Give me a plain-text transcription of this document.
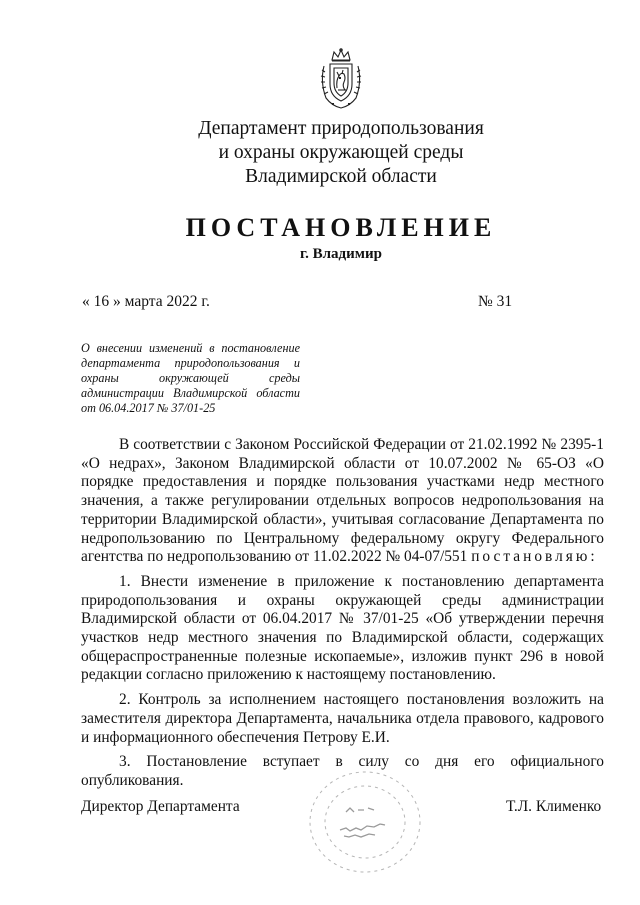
Департамент природопользования
и охраны окружающей среды
Владимирской области
ПОСТАНОВЛЕНИЕ
г. Владимир
« 16 » марта 2022 г.	№ 31
О внесении изменений в постановление департамента природопользования и охраны окружающей среды администрации Владимирской области от 06.04.2017 № 37/01-25

В соответствии с Законом Российской Федерации от 21.02.1992 № 2395-1 «О недрах», Законом Владимирской области от 10.07.2002 № 65-ОЗ «О порядке предоставления и порядке пользования участками недр местного значения, а также регулировании отдельных вопросов недропользования на территории Владимирской области», учитывая согласование Департамента по недропользованию по Центральному федеральному округу Федерального агентства по недропользованию от 11.02.2022 № 04-07/551 постановляю:

1. Внести изменение в приложение к постановлению департамента природопользования и охраны окружающей среды администрации Владимирской области от 06.04.2017 № 37/01-25 «Об утверждении перечня участков недр местного значения по Владимирской области, содержащих общераспространенные полезные ископаемые», изложив пункт 296 в новой редакции согласно приложению к настоящему постановлению.

2. Контроль за исполнением настоящего постановления возложить на заместителя директора Департамента, начальника отдела правового, кадрового и информационного обеспечения Петрову Е.И.

3. Постановление вступает в силу со дня его официального опубликования.

Директор Департамента	Т.Л. Клименко
